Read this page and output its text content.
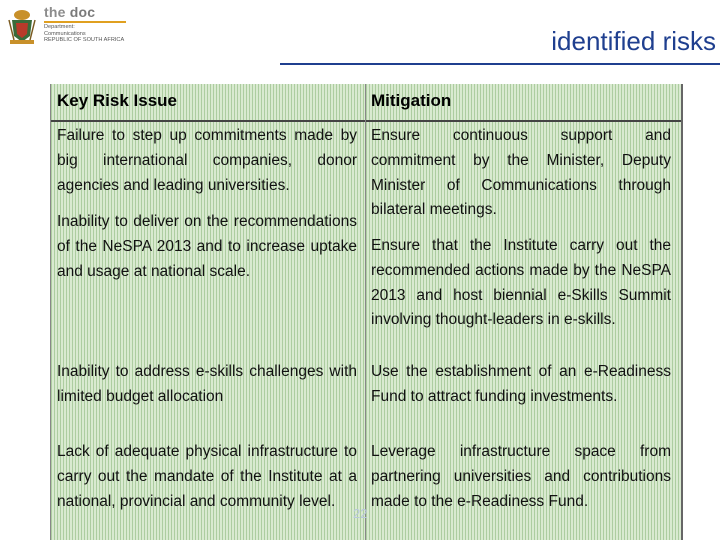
the doc
Department:
Communications
REPUBLIC OF SOUTH AFRICA	identified risks
Key Risk Issue	Mitigation
Failure to step up commitments made by big international companies, donor agencies and leading universities.
Inability to deliver on the recommendations of the NeSPA 2013 and to increase uptake and usage at national scale.
Inability to address e-skills challenges with limited budget allocation
Lack of adequate physical infrastructure to carry out the mandate of the Institute at a national, provincial and community level.
Ensure continuous support and commitment by the Minister, Deputy Minister of Communications through bilateral meetings.
Ensure that the Institute carry out the recommended actions made by the NeSPA 2013 and host biennial e-Skills Summit involving thought-leaders in e-skills.
Use the establishment of an e-Readiness Fund to attract funding investments.
Leverage infrastructure space from partnering universities and contributions made to the e-Readiness Fund.
22
